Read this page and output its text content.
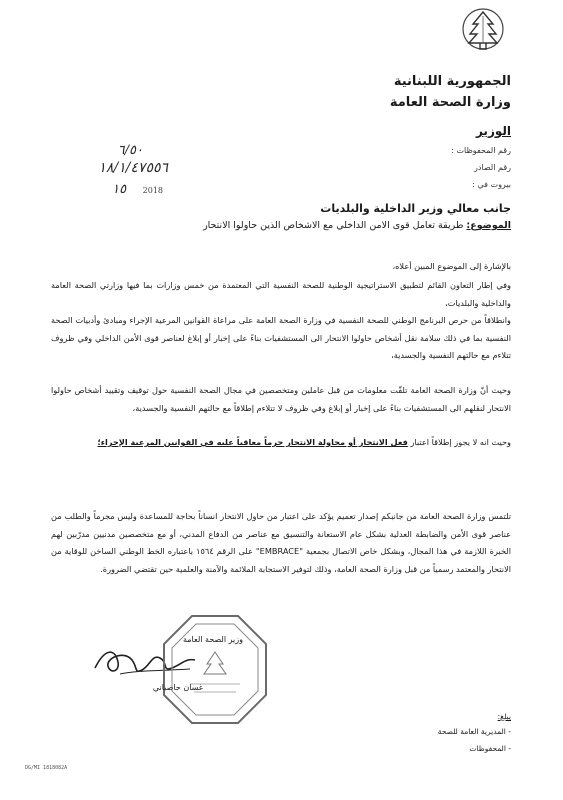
الجمهورية اللبنانية
وزارة الصحة العامة
الوزير
رقم المحفوظات :
رقم الصادر
بيروت في :
٦/٥٠
١٨/١/٤٧٥٥٦
١٥ 2018
جانب معالي وزير الداخلية والبلديات
الموضوع: طريقة تعامل قوى الامن الداخلي مع الاشخاص الذين حاولوا الانتحار
بالإشارة إلى الموضوع المبين أعلاه،
وفي إطار التعاون القائم لتطبيق الاستراتيجية الوطنية للصحة النفسية التي المعتمدة من خمس وزارات بما فيها وزارتي الصحة العامة والداخلية والبلديات،
وانطلاقاً من حرص البرنامج الوطني للصحة النفسية في وزارة الصحة العامة على مراعاة القوانين المرعية الإجراء ومبادئ وأدبيات الصحة النفسية بما في ذلك سلامة نقل أشخاص حاولوا الانتحار الى المستشفيات بناءً على إخبار أو إبلاغ لعناصر قوى الأمن الداخلي وفي ظروف تتلاءم مع حالتهم النفسية والجسدية،
وحيث أنّ وزارة الصحة العامة تلقّت معلومات من قبل عاملين ومتخصصين في مجال الصحة النفسية حول توقيف وتقييد أشخاص حاولوا الانتحار لنقلهم الى المستشفيات بناءً على إخبار أو إبلاغ وفي ظروف لا تتلاءم إطلاقاً مع حالتهم النفسية والجسدية،
وحيث انه لا يجوز إطلاقاً اعتبار فعل الانتحار أو محاولة الانتحار جرماً معاقباً عليه في القوانين المرعية الإجراء؛
تلتمس وزارة الصحة العامة من جانبكم إصدار تعميم يؤكد على اعتبار من حاول الانتحار انساناً بحاجة للمساعدة وليس مجرماً والطلب من عناصر قوى الأمن والضابطة العدلية بشكل عام الاستعانة والتنسيق مع عناصر من الدفاع المدني، أو مع متخصصين مدنيين مدرّبين لهم الخبرة اللازمة في هذا المجال، وبشكل خاص الاتصال بجمعية "EMBRACE" على الرقم ١٥٦٤ باعتباره الخط الوطني الساخن للوقاية من الانتحار والمعتمد رسمياً من قبل وزارة الصحة العامة، وذلك لتوفير الاستجابة الملائمة والآمنة والعلمية حين تقتضي الضرورة.
وزير الصحة العامة
غسان حاصباني
يبلغ:
- المديرية العامة للصحة
- المحفوظات
DG/MI 1818082A
